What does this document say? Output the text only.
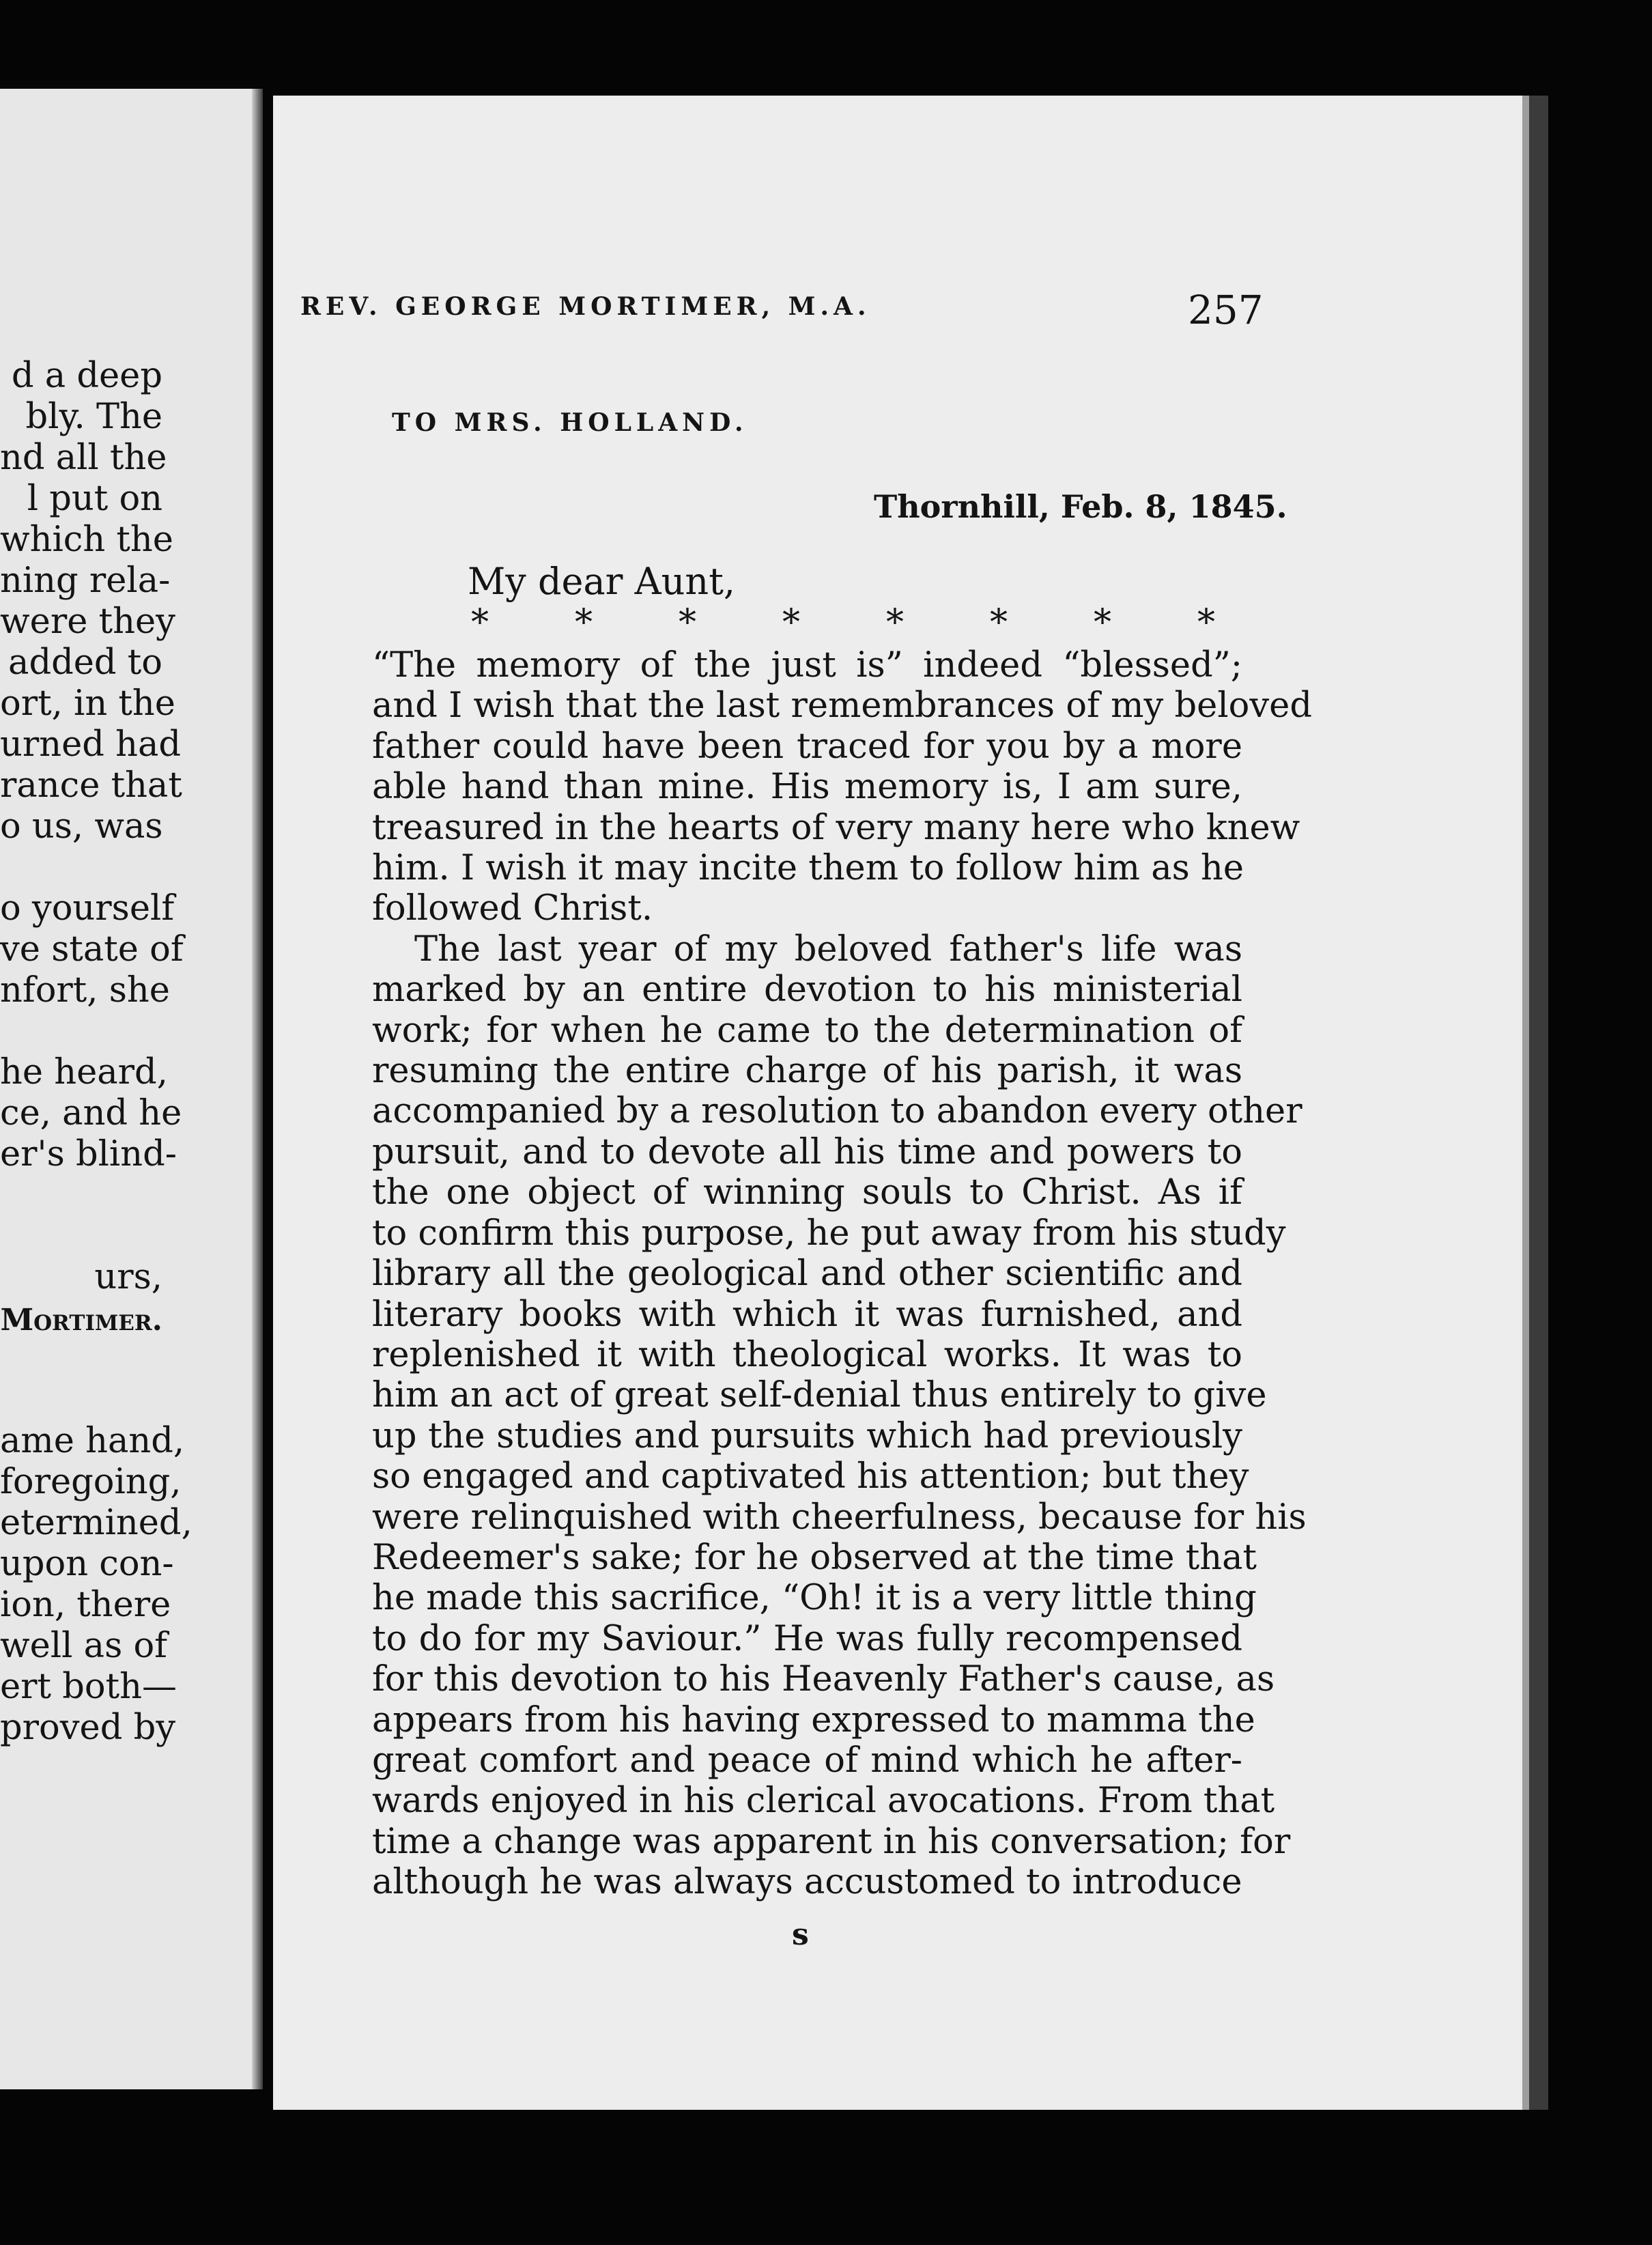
d a deep
bly. The
nd all the
l put on
which the
ning rela-
were they
added to
ort, in the
urned had
rance that
o us, was
o yourself
ve state of
nfort, she
he heard,
ce, and he
er's blind-
urs,
Mortimer.
ame hand,
foregoing,
etermined,
upon con-
ion, there
well as of
ert both—
proved by
REV. GEORGE MORTIMER, M.A.	257
TO MRS. HOLLAND.
Thornhill, Feb. 8, 1845.
My dear Aunt,
* * * * * * * *
“The memory of the just is” indeed “blessed”;
and I wish that the last remembrances of my beloved
father could have been traced for you by a more
able hand than mine. His memory is, I am sure,
treasured in the hearts of very many here who knew
him. I wish it may incite them to follow him as he
followed Christ.
The last year of my beloved father's life was
marked by an entire devotion to his ministerial
work; for when he came to the determination of
resuming the entire charge of his parish, it was
accompanied by a resolution to abandon every other
pursuit, and to devote all his time and powers to
the one object of winning souls to Christ. As if
to confirm this purpose, he put away from his study
library all the geological and other scientific and
literary books with which it was furnished, and
replenished it with theological works. It was to
him an act of great self-denial thus entirely to give
up the studies and pursuits which had previously
so engaged and captivated his attention; but they
were relinquished with cheerfulness, because for his
Redeemer's sake; for he observed at the time that
he made this sacrifice, “Oh! it is a very little thing
to do for my Saviour.” He was fully recompensed
for this devotion to his Heavenly Father's cause, as
appears from his having expressed to mamma the
great comfort and peace of mind which he after-
wards enjoyed in his clerical avocations. From that
time a change was apparent in his conversation; for
although he was always accustomed to introduce
s
